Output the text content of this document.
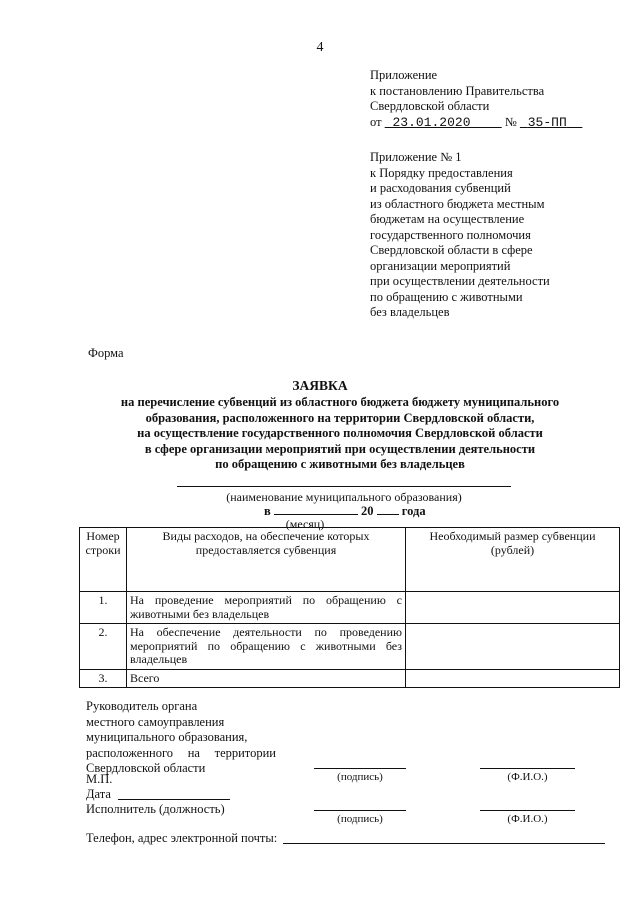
4
Приложение
к постановлению Правительства
Свердловской области
от 23.01.2020	№ 35-ПП
Приложение № 1
к Порядку предоставления
и расходования субвенций
из областного бюджета местным
бюджетам на осуществление
государственного полномочия
Свердловской области в сфере
организации мероприятий
при осуществлении деятельности
по обращению с животными
без владельцев
Форма
ЗАЯВКА
на перечисление субвенций из областного бюджета бюджету муниципального
образования, расположенного на территории Свердловской области,
на осуществление государственного полномочия Свердловской области
в сфере организации мероприятий при осуществлении деятельности
по обращению с животными без владельцев
(наименование муниципального образования)
в	20 года
(месяц)
Номер строки	Виды расходов, на обеспечение которых предоставляется субвенция	Необходимый размер субвенции (рублей)
1.	На проведение мероприятий по обращению с животными без владельцев	
2.	На обеспечение деятельности по проведению мероприятий по обращению с животными без владельцев	
3.	Всего	
Руководитель органа
местного самоуправления
муниципального образования,
расположенного на территории
Свердловской области
(подпись)	(Ф.И.О.)
М.П.
Дата
Исполнитель (должность)
(подпись)	(Ф.И.О.)
Телефон, адрес электронной почты:
